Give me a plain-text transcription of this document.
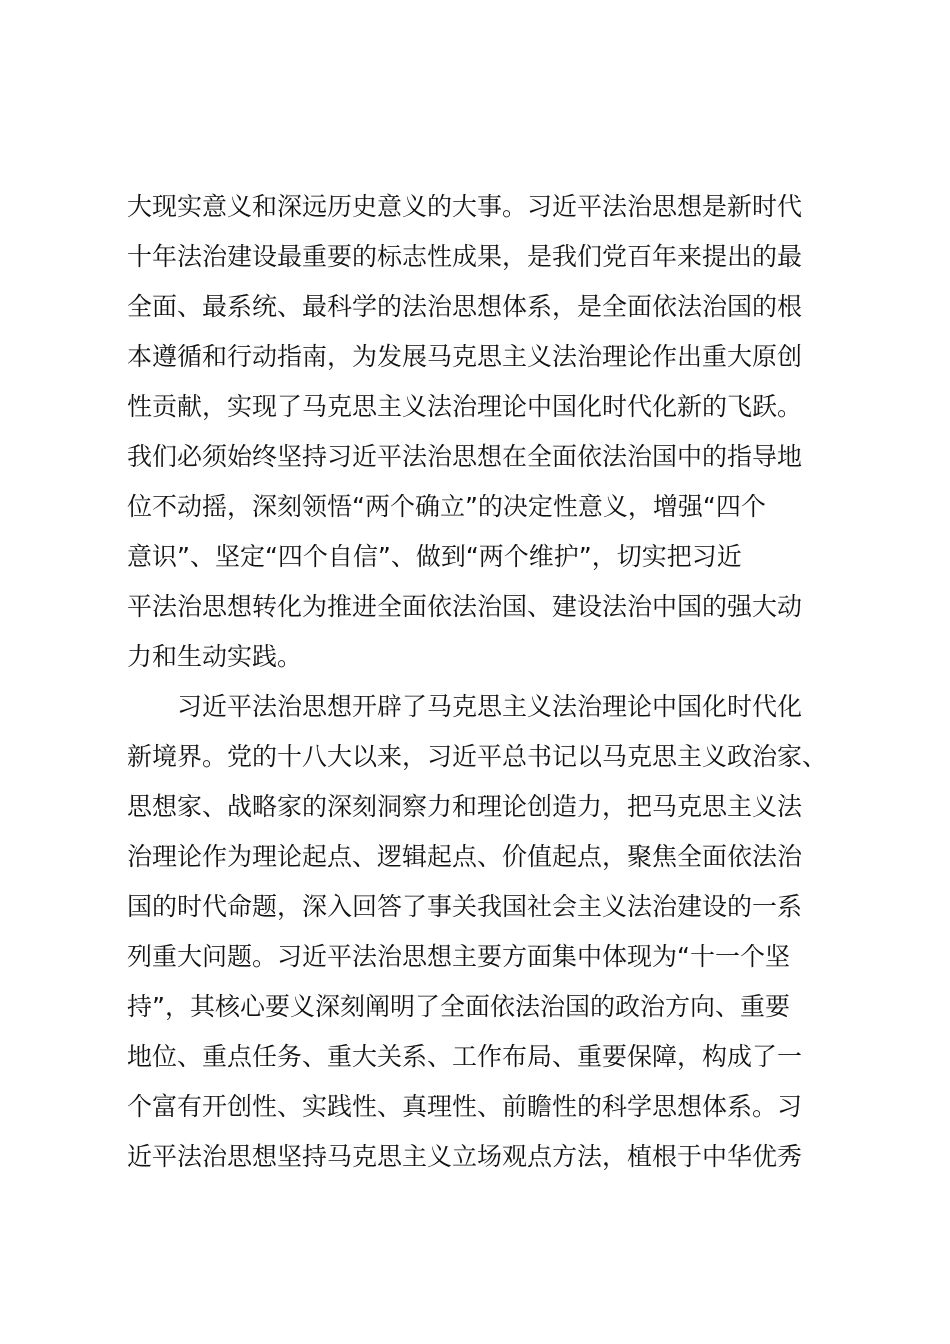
大现实意义和深远历史意义的大事。习近平法治思想是新时代
十年法治建设最重要的标志性成果，是我们党百年来提出的最
全面、最系统、最科学的法治思想体系，是全面依法治国的根
本遵循和行动指南，为发展马克思主义法治理论作出重大原创
性贡献，实现了马克思主义法治理论中国化时代化新的飞跃。
我们必须始终坚持习近平法治思想在全面依法治国中的指导地
位不动摇，深刻领悟“两个确立”的决定性意义，增强“四个
意识”、坚定“四个自信”、做到“两个维护”，切实把习近
平法治思想转化为推进全面依法治国、建设法治中国的强大动
力和生动实践。
习近平法治思想开辟了马克思主义法治理论中国化时代化
新境界。党的十八大以来，习近平总书记以马克思主义政治家、
思想家、战略家的深刻洞察力和理论创造力，把马克思主义法
治理论作为理论起点、逻辑起点、价值起点，聚焦全面依法治
国的时代命题，深入回答了事关我国社会主义法治建设的一系
列重大问题。习近平法治思想主要方面集中体现为“十一个坚
持”，其核心要义深刻阐明了全面依法治国的政治方向、重要
地位、重点任务、重大关系、工作布局、重要保障，构成了一
个富有开创性、实践性、真理性、前瞻性的科学思想体系。习
近平法治思想坚持马克思主义立场观点方法，植根于中华优秀
